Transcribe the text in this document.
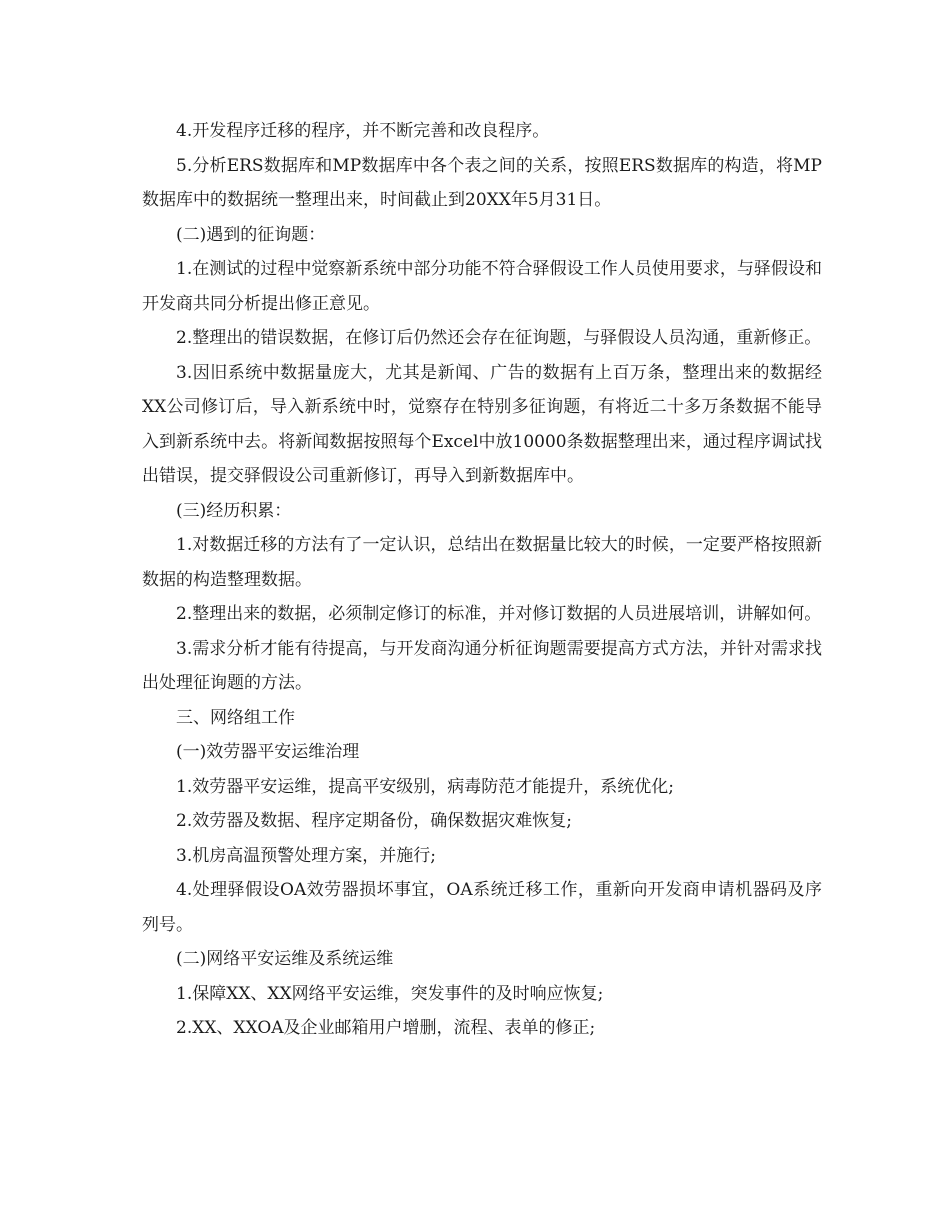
4.开发程序迁移的程序，并不断完善和改良程序。

5.分析ERS数据库和MP数据库中各个表之间的关系，按照ERS数据库的构造，将MP数据库中的数据统一整理出来，时间截止到20XX年5月31日。

(二)遇到的征询题：

1.在测试的过程中觉察新系统中部分功能不符合驿假设工作人员使用要求，与驿假设和开发商共同分析提出修正意见。

2.整理出的错误数据，在修订后仍然还会存在征询题，与驿假设人员沟通，重新修正。

3.因旧系统中数据量庞大，尤其是新闻、广告的数据有上百万条，整理出来的数据经XX公司修订后，导入新系统中时，觉察存在特别多征询题，有将近二十多万条数据不能导入到新系统中去。将新闻数据按照每个Excel中放10000条数据整理出来，通过程序调试找出错误，提交驿假设公司重新修订，再导入到新数据库中。

(三)经历积累：

1.对数据迁移的方法有了一定认识，总结出在数据量比较大的时候，一定要严格按照新数据的构造整理数据。

2.整理出来的数据，必须制定修订的标准，并对修订数据的人员进展培训，讲解如何。

3.需求分析才能有待提高，与开发商沟通分析征询题需要提高方式方法，并针对需求找出处理征询题的方法。

三、网络组工作

(一)效劳器平安运维治理

1.效劳器平安运维，提高平安级别，病毒防范才能提升，系统优化;

2.效劳器及数据、程序定期备份，确保数据灾难恢复;

3.机房高温预警处理方案，并施行;

4.处理驿假设OA效劳器损坏事宜，OA系统迁移工作，重新向开发商申请机器码及序列号。

(二)网络平安运维及系统运维

1.保障XX、XX网络平安运维，突发事件的及时响应恢复;

2.XX、XXOA及企业邮箱用户增删，流程、表单的修正;
